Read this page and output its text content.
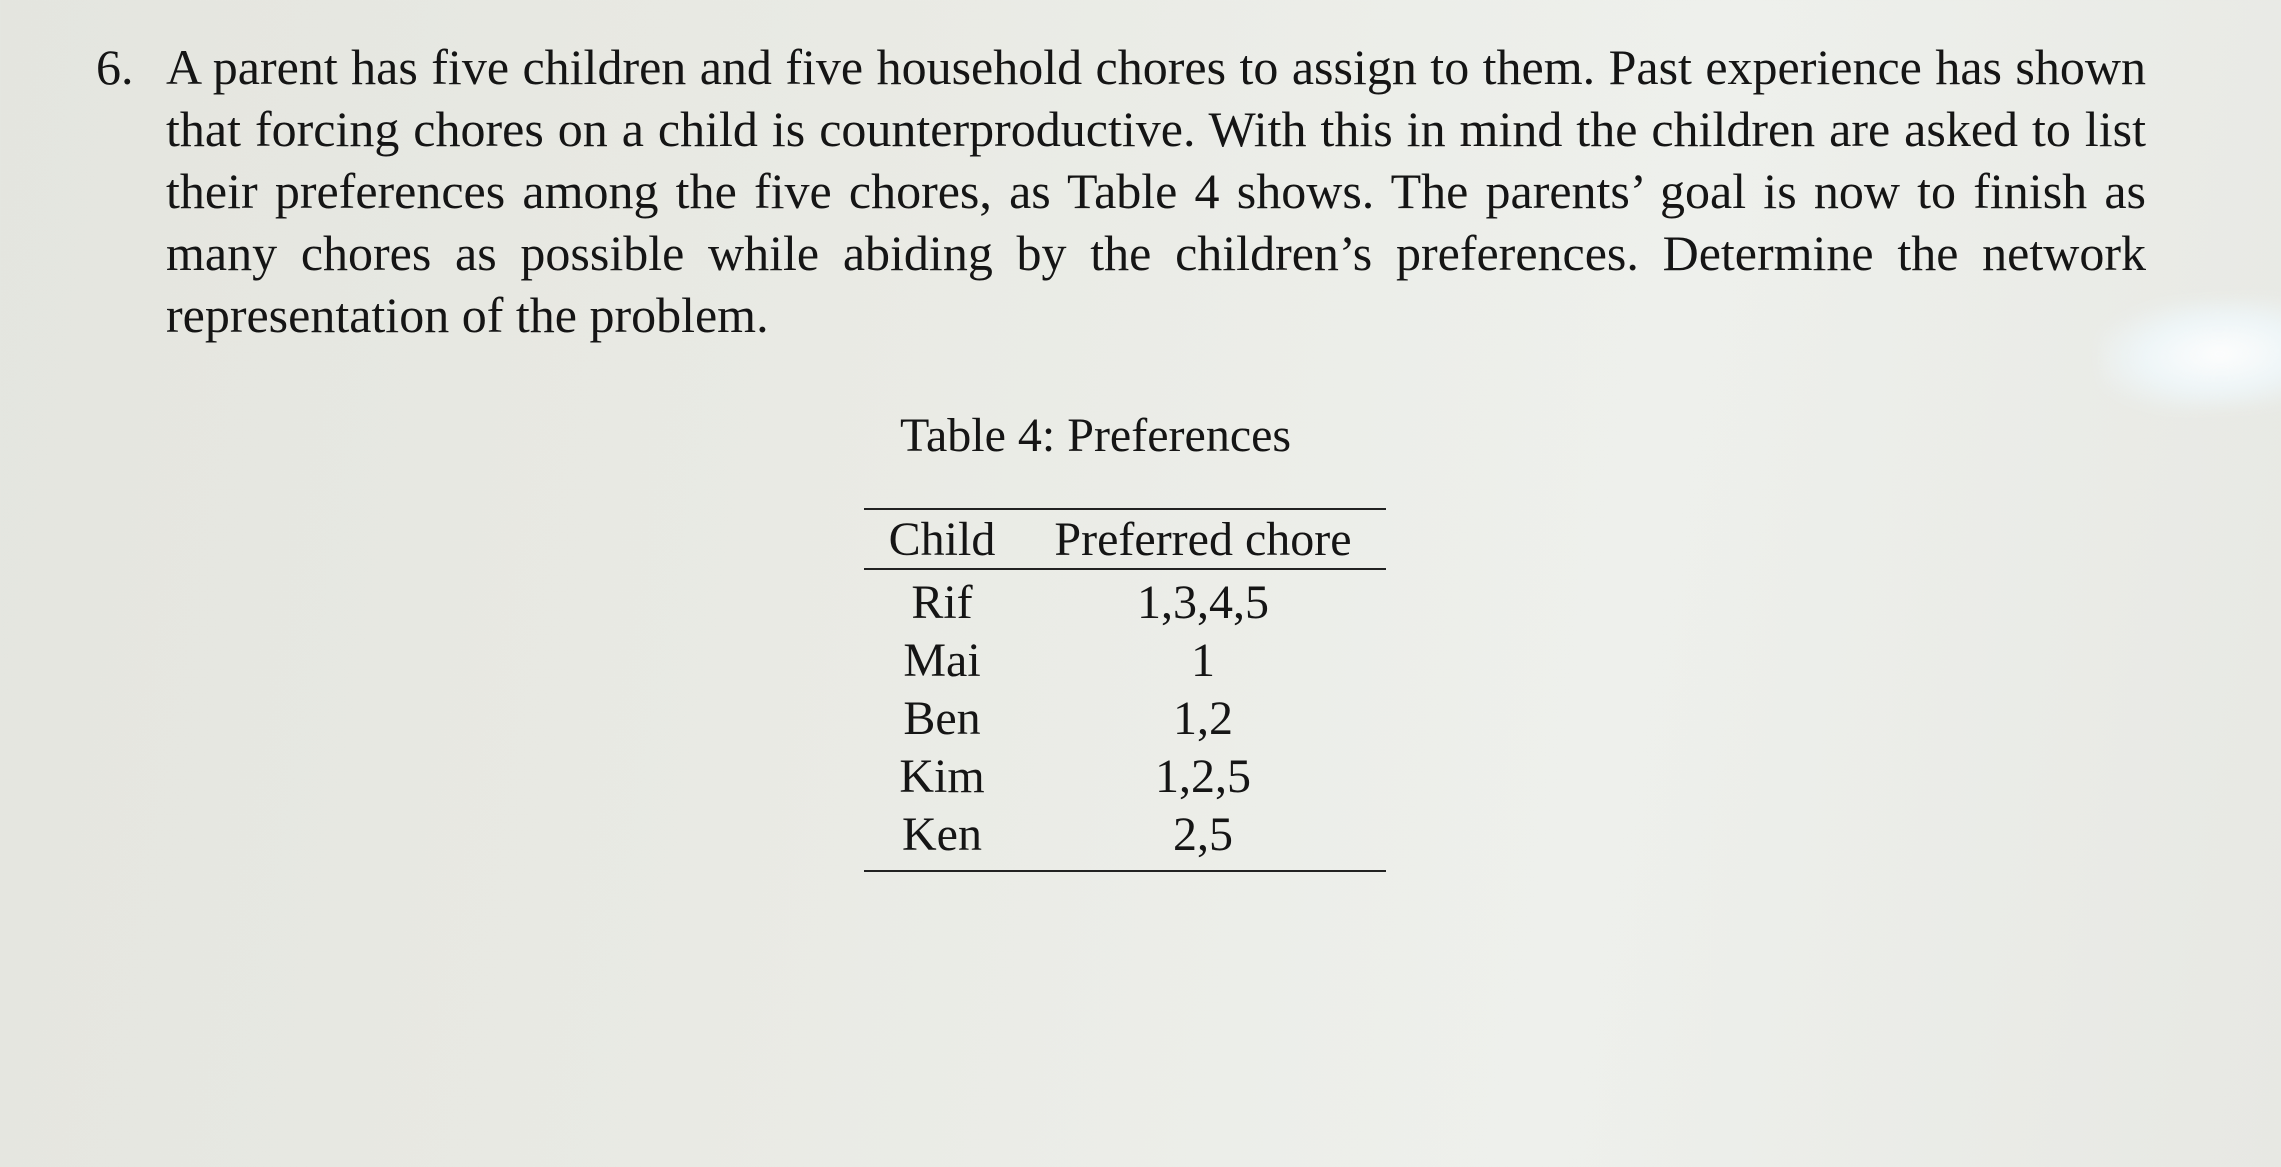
6. A parent has five children and five household chores to assign to them. Past experience has shown that forcing chores on a child is counterproductive. With this in mind the children are asked to list their preferences among the five chores, as Table 4 shows. The parents’ goal is now to finish as many chores as possible while abiding by the children’s preferences. Determine the network representation of the problem.
Table 4: Preferences
Child	Preferred chore
Rif	1,3,4,5
Mai	1
Ben	1,2
Kim	1,2,5
Ken	2,5
